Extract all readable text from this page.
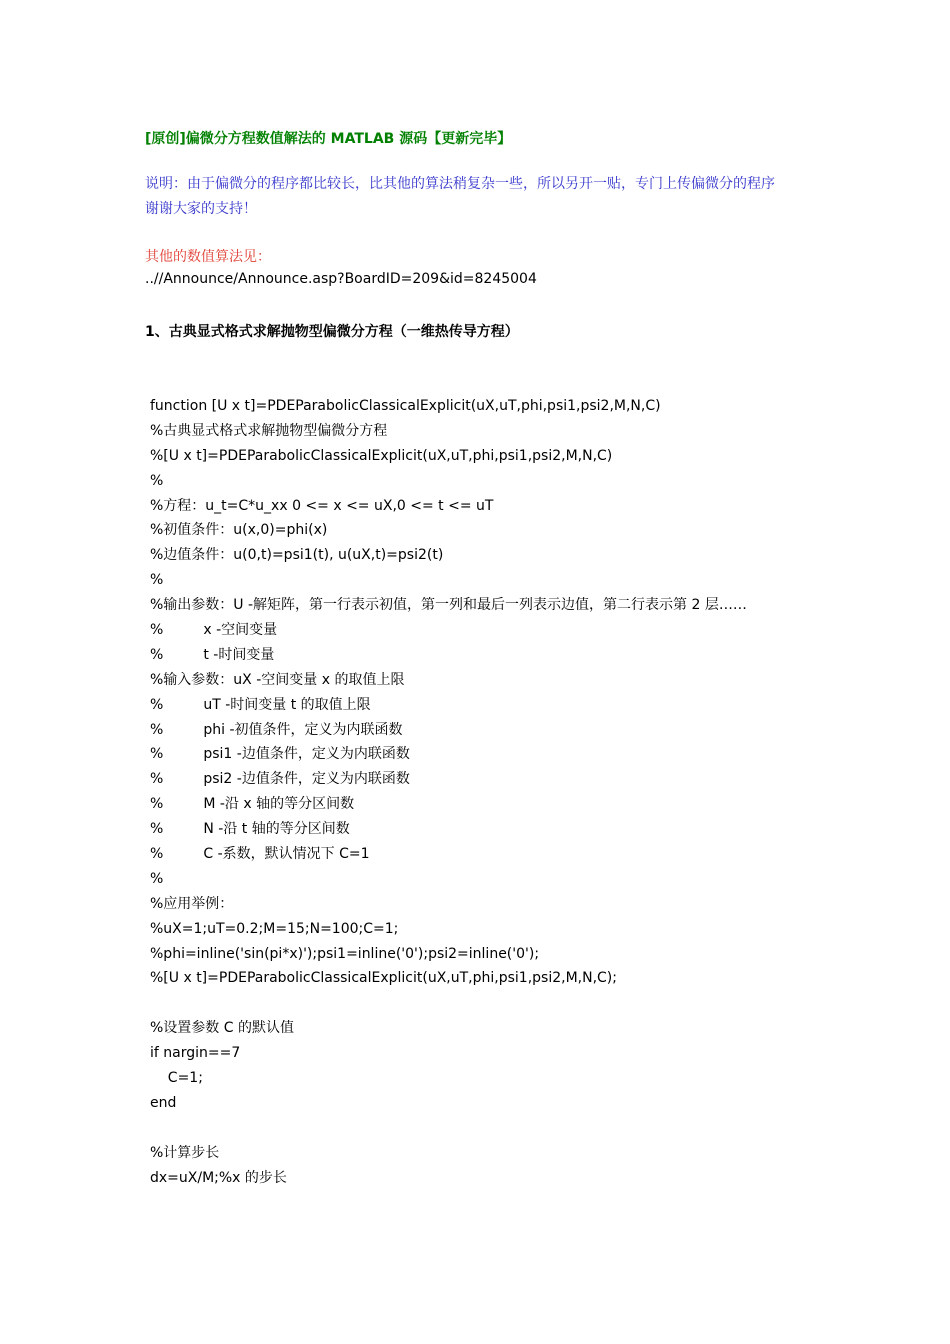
[原创]偏微分方程数值解法的 MATLAB 源码【更新完毕】
说明：由于偏微分的程序都比较长，比其他的算法稍复杂一些，所以另开一贴，专门上传偏微分的程序
谢谢大家的支持！
其他的数值算法见：
..//Announce/Announce.asp?BoardID=209&id=8245004
1、古典显式格式求解抛物型偏微分方程（一维热传导方程）
function [U x t]=PDEParabolicClassicalExplicit(uX,uT,phi,psi1,psi2,M,N,C)
%古典显式格式求解抛物型偏微分方程
%[U x t]=PDEParabolicClassicalExplicit(uX,uT,phi,psi1,psi2,M,N,C)
%
%方程：u_t=C*u_xx 0 <= x <= uX,0 <= t <= uT
%初值条件：u(x,0)=phi(x)
%边值条件：u(0,t)=psi1(t), u(uX,t)=psi2(t)
%
%输出参数：U -解矩阵，第一行表示初值，第一列和最后一列表示边值，第二行表示第 2 层……
%         x -空间变量
%         t -时间变量
%输入参数：uX -空间变量 x 的取值上限
%         uT -时间变量 t 的取值上限
%         phi -初值条件，定义为内联函数
%         psi1 -边值条件，定义为内联函数
%         psi2 -边值条件，定义为内联函数
%         M -沿 x 轴的等分区间数
%         N -沿 t 轴的等分区间数
%         C -系数，默认情况下 C=1
%
%应用举例：
%uX=1;uT=0.2;M=15;N=100;C=1;
%phi=inline('sin(pi*x)');psi1=inline('0');psi2=inline('0');
%[U x t]=PDEParabolicClassicalExplicit(uX,uT,phi,psi1,psi2,M,N,C);
%设置参数 C 的默认值
if nargin==7
C=1;
end
%计算步长
dx=uX/M;%x 的步长
